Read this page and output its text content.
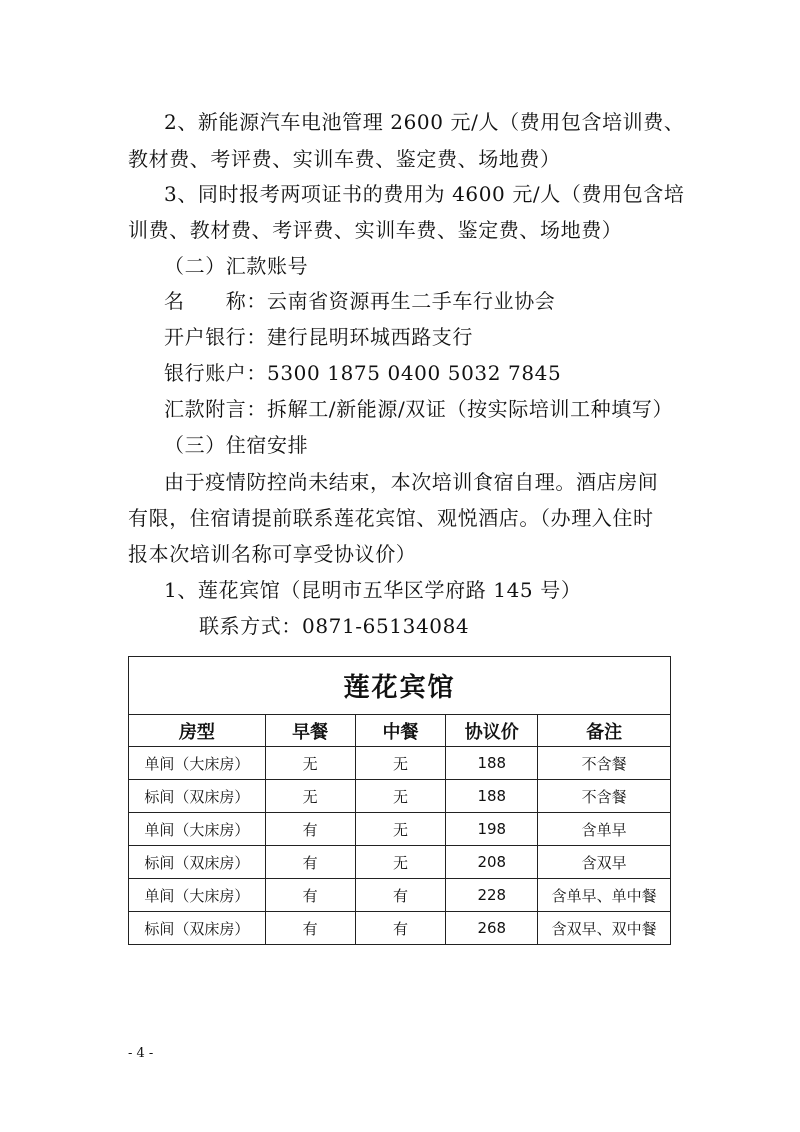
2、新能源汽车电池管理 2600 元/人（费用包含培训费、
教材费、考评费、实训车费、鉴定费、场地费）
3、同时报考两项证书的费用为 4600 元/人（费用包含培
训费、教材费、考评费、实训车费、鉴定费、场地费）
（二）汇款账号
名　　称：云南省资源再生二手车行业协会
开户银行：建行昆明环城西路支行
银行账户：5300 1875 0400 5032 7845
汇款附言：拆解工/新能源/双证（按实际培训工种填写）
（三）住宿安排
由于疫情防控尚未结束，本次培训食宿自理。酒店房间
有限，住宿请提前联系莲花宾馆、观悦酒店。（办理入住时
报本次培训名称可享受协议价）
1、莲花宾馆（昆明市五华区学府路 145 号）
联系方式：0871-65134084
莲花宾馆				
房型	早餐	中餐	协议价	备注
单间（大床房）	无	无	188	不含餐
标间（双床房）	无	无	188	不含餐
单间（大床房）	有	无	198	含单早
标间（双床房）	有	无	208	含双早
单间（大床房）	有	有	228	含单早、单中餐
标间（双床房）	有	有	268	含双早、双中餐
- 4 -
